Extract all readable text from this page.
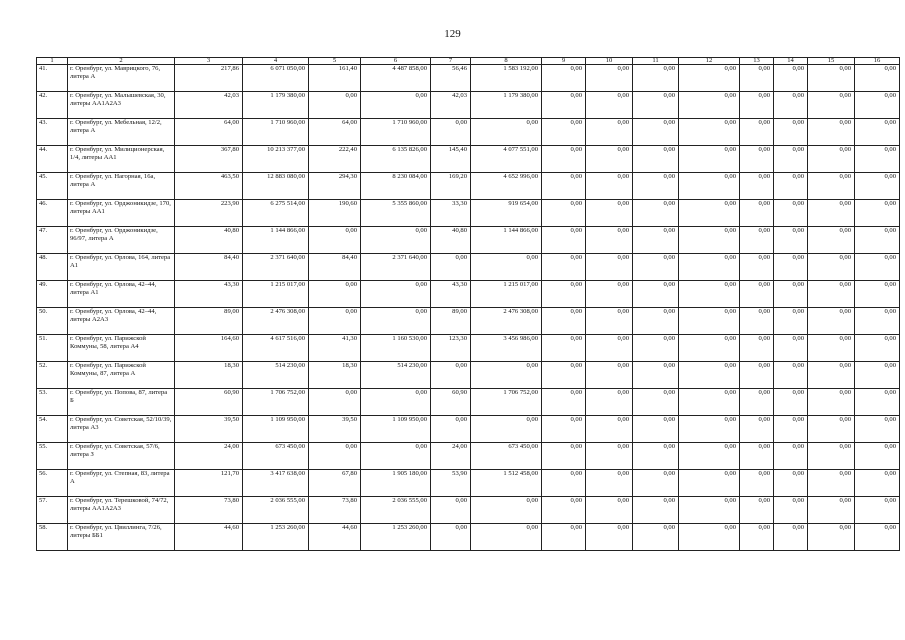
129
1	2	3	4	5	6	7	8	9	10	11	12	13	14	15	16
41.	г. Оренбург, ул. Маврицкого, 76, литера А	217,86	6 071 050,00	161,40	4 487 858,00	56,46	1 583 192,00	0,00	0,00	0,00	0,00	0,00	0,00	0,00	0,00
42.	г. Оренбург, ул. Малышевская, 30, литеры АА1А2А3	42,03	1 179 380,00	0,00	0,00	42,03	1 179 380,00	0,00	0,00	0,00	0,00	0,00	0,00	0,00	0,00
43.	г. Оренбург, ул. Мебельная, 12/2, литера А	64,00	1 710 960,00	64,00	1 710 960,00	0,00	0,00	0,00	0,00	0,00	0,00	0,00	0,00	0,00	0,00
44.	г. Оренбург, ул. Милиционерская, 1/4, литеры АА1	367,80	10 213 377,00	222,40	6 135 826,00	145,40	4 077 551,00	0,00	0,00	0,00	0,00	0,00	0,00	0,00	0,00
45.	г. Оренбург, ул. Нагорная, 16а, литера А	463,50	12 883 080,00	294,30	8 230 084,00	169,20	4 652 996,00	0,00	0,00	0,00	0,00	0,00	0,00	0,00	0,00
46.	г. Оренбург, ул. Орджоникидзе, 170, литеры АА1	223,90	6 275 514,00	190,60	5 355 860,00	33,30	919 654,00	0,00	0,00	0,00	0,00	0,00	0,00	0,00	0,00
47.	г. Оренбург, ул. Орджоникидзе, 96/97, литера А	40,80	1 144 866,00	0,00	0,00	40,80	1 144 866,00	0,00	0,00	0,00	0,00	0,00	0,00	0,00	0,00
48.	г. Оренбург, ул. Орлова, 164, литера А1	84,40	2 371 640,00	84,40	2 371 640,00	0,00	0,00	0,00	0,00	0,00	0,00	0,00	0,00	0,00	0,00
49.	г. Оренбург, ул. Орлова, 42–44, литера А1	43,30	1 215 017,00	0,00	0,00	43,30	1 215 017,00	0,00	0,00	0,00	0,00	0,00	0,00	0,00	0,00
50.	г. Оренбург, ул. Орлова, 42–44, литеры А2А3	89,00	2 476 308,00	0,00	0,00	89,00	2 476 308,00	0,00	0,00	0,00	0,00	0,00	0,00	0,00	0,00
51.	г. Оренбург, ул. Парижской Коммуны, 58, литера А4	164,60	4 617 516,00	41,30	1 160 530,00	123,30	3 456 986,00	0,00	0,00	0,00	0,00	0,00	0,00	0,00	0,00
52.	г. Оренбург, ул. Парижской Коммуны, 87, литера А	18,30	514 230,00	18,30	514 230,00	0,00	0,00	0,00	0,00	0,00	0,00	0,00	0,00	0,00	0,00
53.	г. Оренбург, ул. Попова, 87, литера Б	60,90	1 706 752,00	0,00	0,00	60,90	1 706 752,00	0,00	0,00	0,00	0,00	0,00	0,00	0,00	0,00
54.	г. Оренбург, ул. Советская, 52/10/39, литера А3	39,50	1 109 950,00	39,50	1 109 950,00	0,00	0,00	0,00	0,00	0,00	0,00	0,00	0,00	0,00	0,00
55.	г. Оренбург, ул. Советская, 57/6, литера З	24,00	673 450,00	0,00	0,00	24,00	673 450,00	0,00	0,00	0,00	0,00	0,00	0,00	0,00	0,00
56.	г. Оренбург, ул. Степная, 83, литера А	121,70	3 417 638,00	67,80	1 905 180,00	53,90	1 512 458,00	0,00	0,00	0,00	0,00	0,00	0,00	0,00	0,00
57.	г. Оренбург, ул. Терешковой, 74/72, литеры АА1А2А3	73,80	2 036 555,00	73,80	2 036 555,00	0,00	0,00	0,00	0,00	0,00	0,00	0,00	0,00	0,00	0,00
58.	г. Оренбург, ул. Цвиллинга, 7/26, литеры ББ1	44,60	1 253 260,00	44,60	1 253 260,00	0,00	0,00	0,00	0,00	0,00	0,00	0,00	0,00	0,00	0,00
